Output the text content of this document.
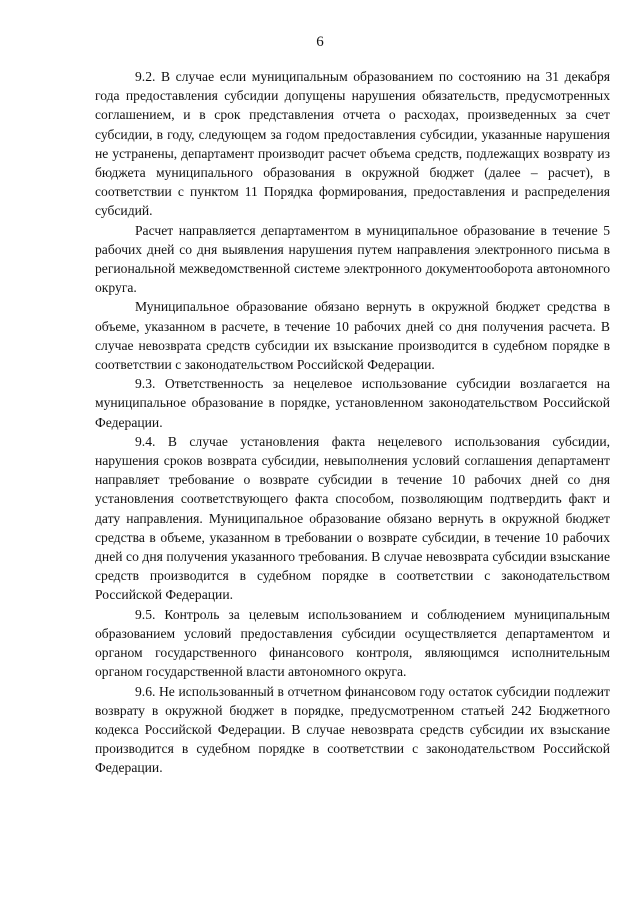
6

9.2. В случае если муниципальным образованием по состоянию на 31 декабря года предоставления субсидии допущены нарушения обязательств, предусмотренных соглашением, и в срок представления отчета о расходах, произведенных за счет субсидии, в году, следующем за годом предоставления субсидии, указанные нарушения не устранены, департамент производит расчет объема средств, подлежащих возврату из бюджета муниципального образования в окружной бюджет (далее – расчет), в соответствии с пунктом 11 Порядка формирования, предоставления и распределения субсидий.

Расчет направляется департаментом в муниципальное образование в течение 5 рабочих дней со дня выявления нарушения путем направления электронного письма в региональной межведомственной системе электронного документооборота автономного округа.

Муниципальное образование обязано вернуть в окружной бюджет средства в объеме, указанном в расчете, в течение 10 рабочих дней со дня получения расчета. В случае невозврата средств субсидии их взыскание производится в судебном порядке в соответствии с законодательством Российской Федерации.

9.3. Ответственность за нецелевое использование субсидии возлагается на муниципальное образование в порядке, установленном законодательством Российской Федерации.

9.4. В случае установления факта нецелевого использования субсидии, нарушения сроков возврата субсидии, невыполнения условий соглашения департамент направляет требование о возврате субсидии в течение 10 рабочих дней со дня установления соответствующего факта способом, позволяющим подтвердить факт и дату направления. Муниципальное образование обязано вернуть в окружной бюджет средства в объеме, указанном в требовании о возврате субсидии, в течение 10 рабочих дней со дня получения указанного требования. В случае невозврата субсидии взыскание средств производится в судебном порядке в соответствии с законодательством Российской Федерации.

9.5. Контроль за целевым использованием и соблюдением муниципальным образованием условий предоставления субсидии осуществляется департаментом и органом государственного финансового контроля, являющимся исполнительным органом государственной власти автономного округа.

9.6. Не использованный в отчетном финансовом году остаток субсидии подлежит возврату в окружной бюджет в порядке, предусмотренном статьей 242 Бюджетного кодекса Российской Федерации. В случае невозврата средств субсидии их взыскание производится в судебном порядке в соответствии с законодательством Российской Федерации.
